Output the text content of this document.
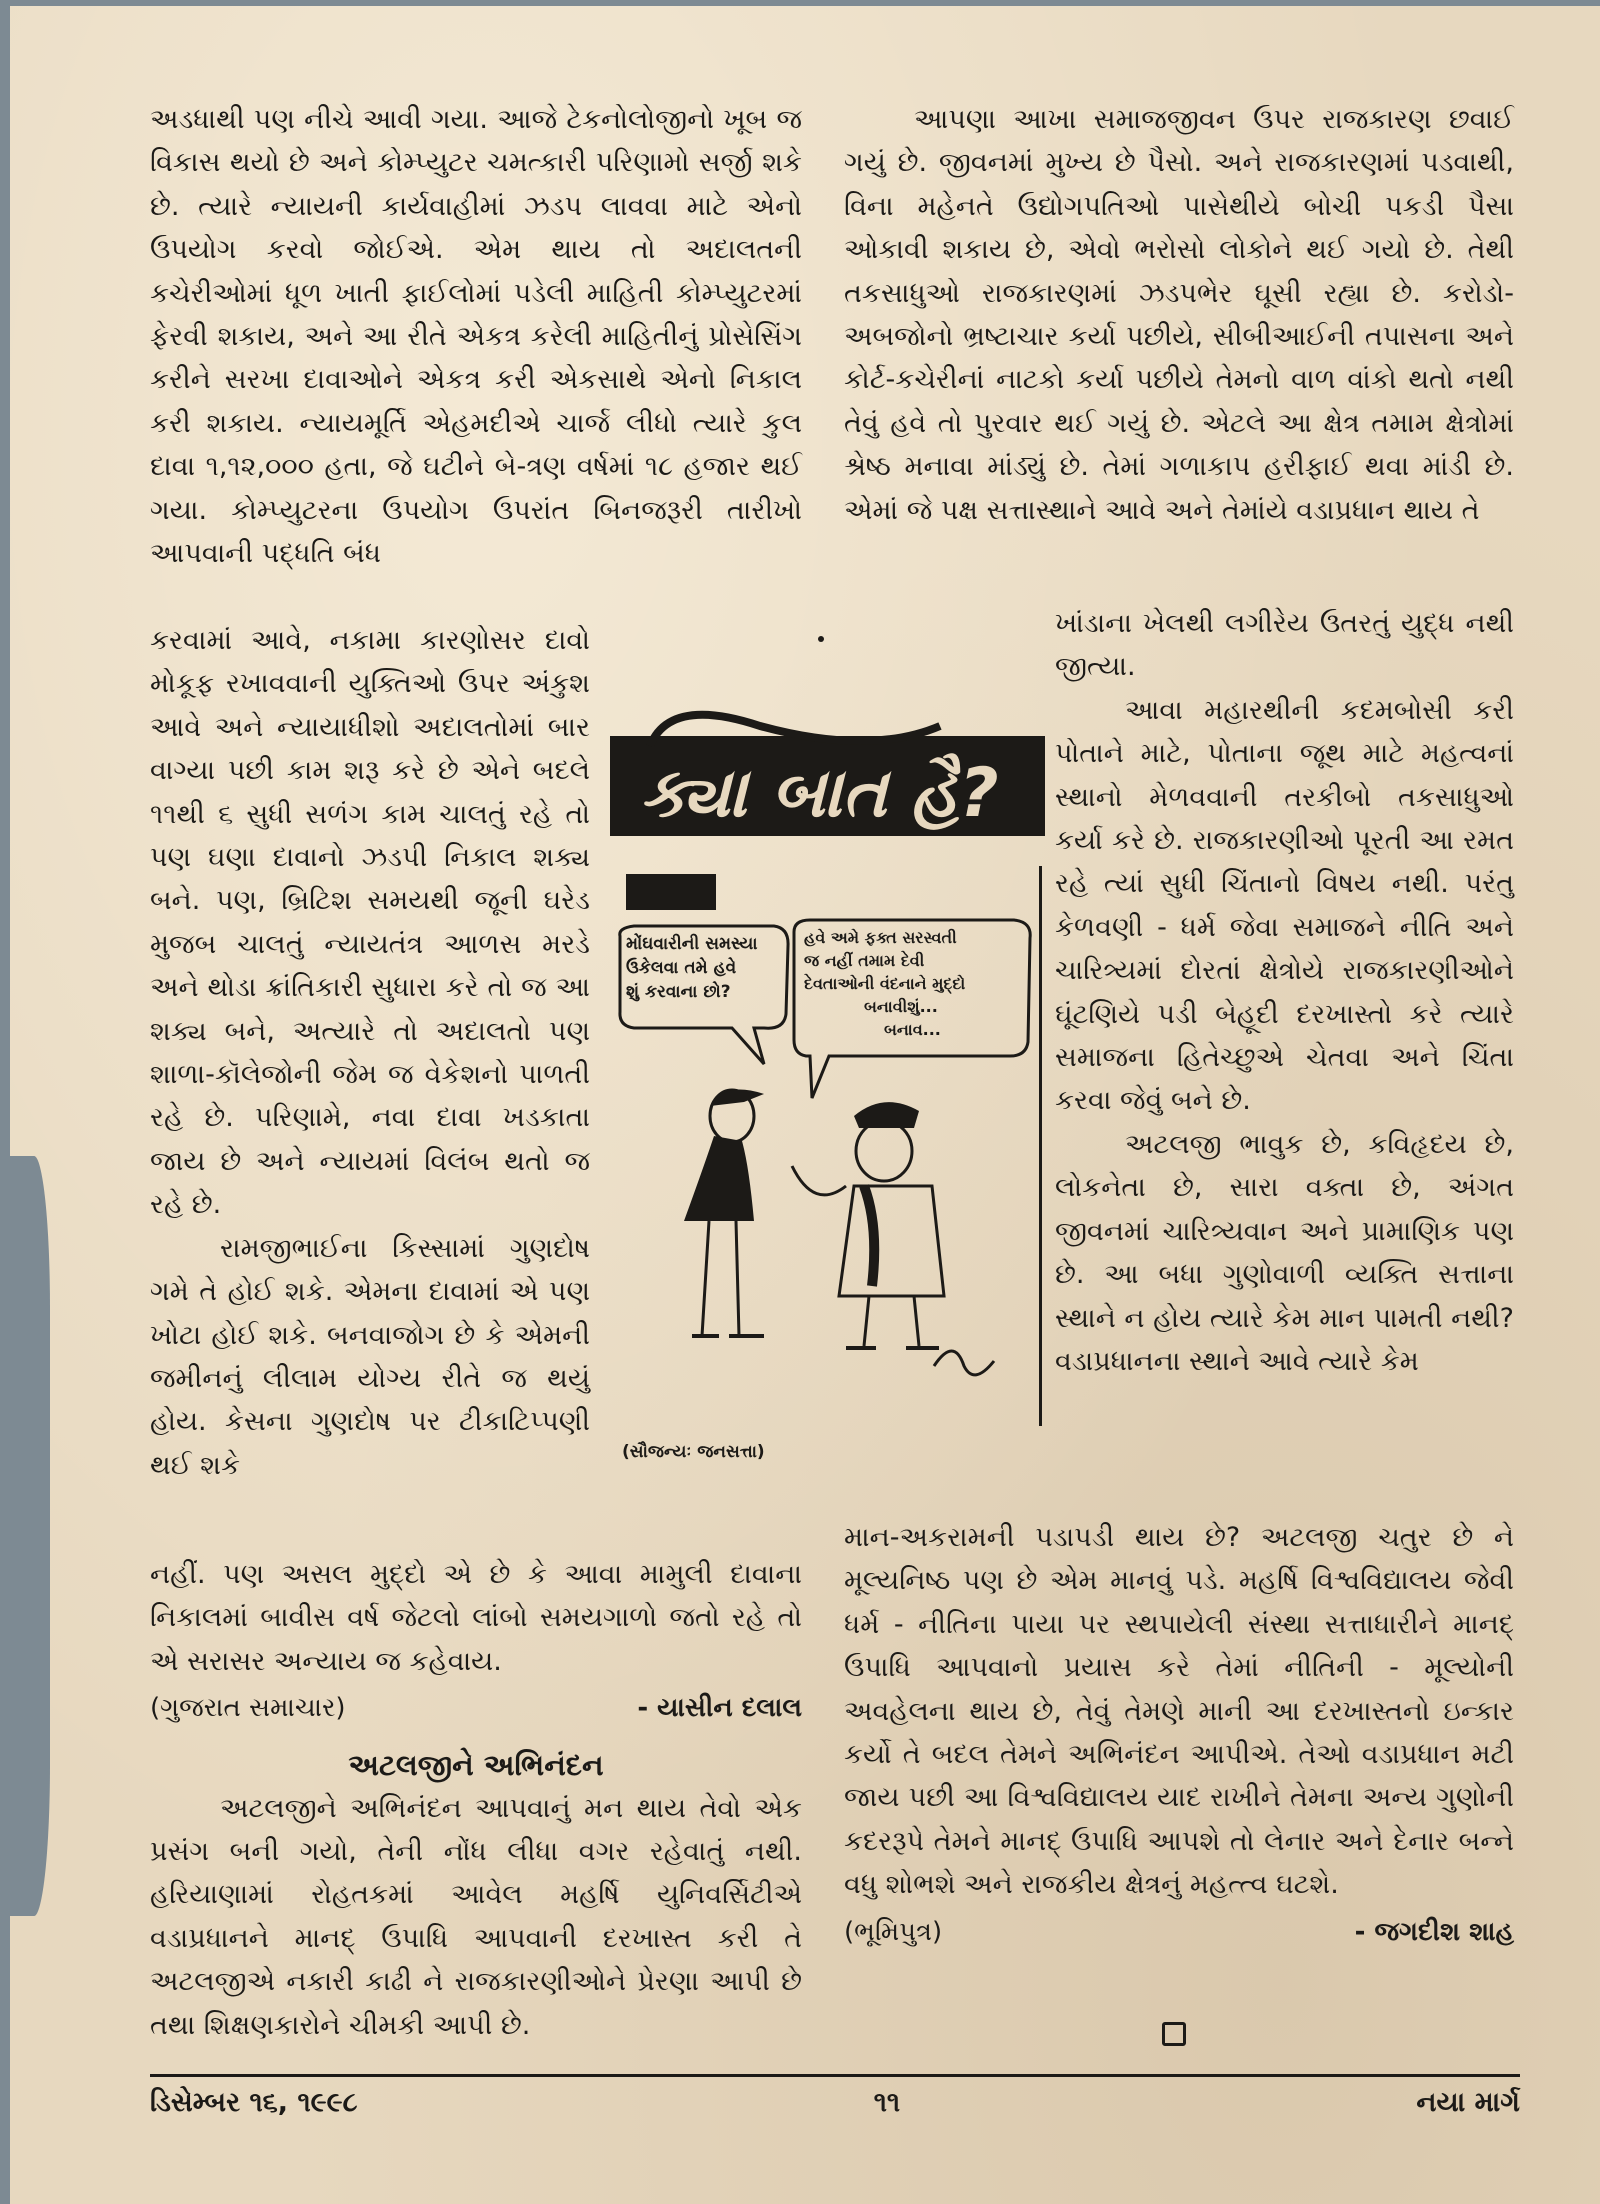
અડધાથી પણ નીચે આવી ગયા. આજે ટેકનોલોજીનો ખૂબ જ વિકાસ થયો છે અને કોમ્પ્યુટર ચમત્કારી પરિણામો સર્જી શકે છે. ત્યારે ન્યાયની કાર્યવાહીમાં ઝડપ લાવવા માટે એનો ઉપયોગ કરવો જોઈએ. એમ થાય તો અદાલતની કચેરીઓમાં ધૂળ ખાતી ફાઈલોમાં પડેલી માહિતી કોમ્પ્યુટરમાં ફેરવી શકાય, અને આ રીતે એકત્ર કરેલી માહિતીનું પ્રોસેસિંગ કરીને સરખા દાવાઓને એકત્ર કરી એકસાથે એનો નિકાલ કરી શકાય. ન્યાયમૂર્તિ એહમદીએ ચાર્જ લીધો ત્યારે કુલ દાવા ૧,૧૨,૦૦૦ હતા, જે ઘટીને બે-ત્રણ વર્ષમાં ૧૮ હજાર થઈ ગયા. કોમ્પ્યુટરના ઉપયોગ ઉપરાંત બિનજરૂરી તારીખો આપવાની પદ્ધતિ બંધ

કરવામાં આવે, નકામા કારણોસર દાવો મોકૂફ રખાવવાની યુક્તિઓ ઉપર અંકુશ આવે અને ન્યાયાધીશો અદાલતોમાં બાર વાગ્યા પછી કામ શરૂ કરે છે એને બદલે ૧૧થી ૬ સુધી સળંગ કામ ચાલતું રહે તો પણ ઘણા દાવાનો ઝડપી નિકાલ શક્ય બને. પણ, બ્રિટિશ સમયથી જૂની ઘરેડ મુજબ ચાલતું ન્યાયતંત્ર આળસ મરડે અને થોડા ક્રાંતિકારી સુધારા કરે તો જ આ શક્ય બને, અત્યારે તો અદાલતો પણ શાળા-કૉલેજોની જેમ જ વેકેશનો પાળતી રહે છે. પરિણામે, નવા દાવા ખડકાતા જાય છે અને ન્યાયમાં વિલંબ થતો જ રહે છે.

રામજીભાઈના કિસ્સામાં ગુણદોષ ગમે તે હોઈ શકે. એમના દાવામાં એ પણ ખોટા હોઈ શકે. બનવાજોગ છે કે એમની જમીનનું લીલામ યોગ્ય રીતે જ થયું હોય. કેસના ગુણદોષ પર ટીકાટિપ્પણી થઈ શકે

નહીં. પણ અસલ મુદ્દો એ છે કે આવા મામુલી દાવાના નિકાલમાં બાવીસ વર્ષ જેટલો લાંબો સમયગાળો જતો રહે તો એ સરાસર અન્યાય જ કહેવાય.

(ગુજરાત સમાચાર)	- યાસીન દલાલ
અટલજીને અભિનંદન

અટલજીને અભિનંદન આપવાનું મન થાય તેવો એક પ્રસંગ બની ગયો, તેની નોંધ લીધા વગર રહેવાતું નથી. હરિયાણામાં રોહતકમાં આવેલ મહર્ષિ યુનિવર્સિટીએ વડાપ્રધાનને માનદ્ ઉપાધિ આપવાની દરખાસ્ત કરી તે અટલજીએ નકારી કાઢી ને રાજકારણીઓને પ્રેરણા આપી છે તથા શિક્ષણકારોને ચીમકી આપી છે.

આપણા આખા સમાજજીવન ઉપર રાજકારણ છવાઈ ગયું છે. જીવનમાં મુખ્ય છે પૈસો. અને રાજકારણમાં પડવાથી, વિના મહેનતે ઉદ્યોગપતિઓ પાસેથીયે બોચી પકડી પૈસા ઓકાવી શકાય છે, એવો ભરોસો લોકોને થઈ ગયો છે. તેથી તકસાધુઓ રાજકારણમાં ઝડપભેર ઘૂસી રહ્યા છે. કરોડો-અબજોનો ભ્રષ્ટાચાર કર્યા પછીયે, સીબીઆઈની તપાસના અને કોર્ટ-કચેરીનાં નાટકો કર્યા પછીયે તેમનો વાળ વાંકો થતો નથી તેવું હવે તો પુરવાર થઈ ગયું છે. એટલે આ ક્ષેત્ર તમામ ક્ષેત્રોમાં શ્રેષ્ઠ મનાવા માંડ્યું છે. તેમાં ગળાકાપ હરીફાઈ થવા માંડી છે. એમાં જે પક્ષ સત્તાસ્થાને આવે અને તેમાંયે વડાપ્રધાન થાય તે

ખાંડાના ખેલથી લગીરેય ઉતરતું યુદ્ધ નથી જીત્યા.

આવા મહારથીની કદમબોસી કરી પોતાને માટે, પોતાના જૂથ માટે મહત્વનાં સ્થાનો મેળવવાની તરકીબો તકસાધુઓ કર્યા કરે છે. રાજકારણીઓ પૂરતી આ રમત રહે ત્યાં સુધી ચિંતાનો વિષય નથી. પરંતુ કેળવણી - ધર્મ જેવા સમાજને નીતિ અને ચારિત્ર્યમાં દોરતાં ક્ષેત્રોયે રાજકારણીઓને ઘૂંટણિયે પડી બેહૂદી દરખાસ્તો કરે ત્યારે સમાજના હિતેચ્છુએ ચેતવા અને ચિંતા કરવા જેવું બને છે.

અટલજી ભાવુક છે, કવિહૃદય છે, લોકનેતા છે, સારા વક્તા છે, અંગત જીવનમાં ચારિત્ર્યવાન અને પ્રામાણિક પણ છે. આ બધા ગુણોવાળી વ્યક્તિ સત્તાના સ્થાને ન હોય ત્યારે કેમ માન પામતી નથી? વડાપ્રધાનના સ્થાને આવે ત્યારે કેમ

માન-અકરામની પડાપડી થાય છે? અટલજી ચતુર છે ને મૂલ્યનિષ્ઠ પણ છે એમ માનવું પડે. મહર્ષિ વિશ્વવિદ્યાલય જેવી ધર્મ - નીતિના પાયા પર સ્થપાયેલી સંસ્થા સત્તાધારીને માનદ્ ઉપાધિ આપવાનો પ્રયાસ કરે તેમાં નીતિની - મૂલ્યોની અવહેલના થાય છે, તેવું તેમણે માની આ દરખાસ્તનો ઇન્કાર કર્યો તે બદલ તેમને અભિનંદન આપીએ. તેઓ વડાપ્રધાન મટી જાય પછી આ વિશ્વવિદ્યાલય યાદ રાખીને તેમના અન્ય ગુણોની કદરરૂપે તેમને માનદ્ ઉપાધિ આપશે તો લેનાર અને દેનાર બન્ને વધુ શોભશે અને રાજકીય ક્ષેત્રનું મહત્ત્વ ઘટશે.

(ભૂમિપુત્ર)	- જગદીશ શાહ
ક્યા બાત હૈ?
મોંઘવારીની સમસ્યા
ઉકેલવા તમે હવે
શું કરવાના છો?
હવે અમે ફક્ત સરસ્વતી
જ નહીં તમામ દેવી
દેવતાઓની વંદનાને મુદ્દો
બનાવીશું...
બનાવ...
(સૌજન્યઃ જનસત્તા)
ડિસેમ્બર ૧૬, ૧૯૯૮	૧૧	નયા માર્ગ
